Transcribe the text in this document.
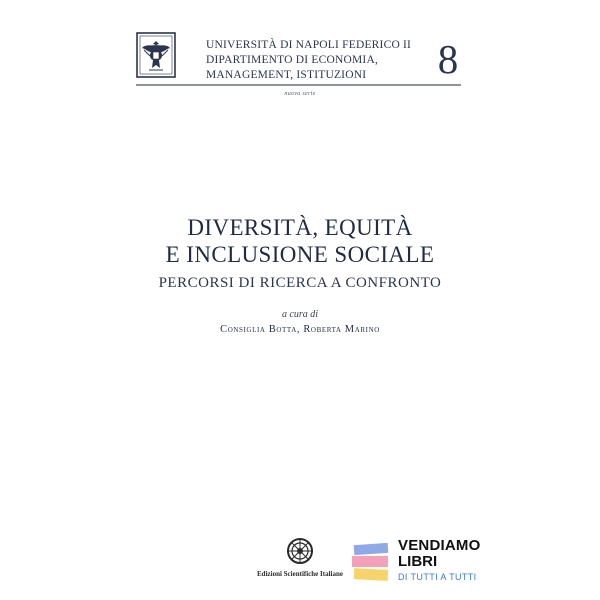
UNIVERSITÀ DI NAPOLI FEDERICO II
DIPARTIMENTO DI ECONOMIA,
MANAGEMENT, ISTITUZIONI	8
nuova serie
DIVERSITÀ, EQUITÀ
E INCLUSIONE SOCIALE
PERCORSI DI RICERCA A CONFRONTO
a cura di
Consiglia Botta, Roberta Marino
Edizioni Scientifiche Italiane
VENDIAMO
LIBRI
DI TUTTI A TUTTI
